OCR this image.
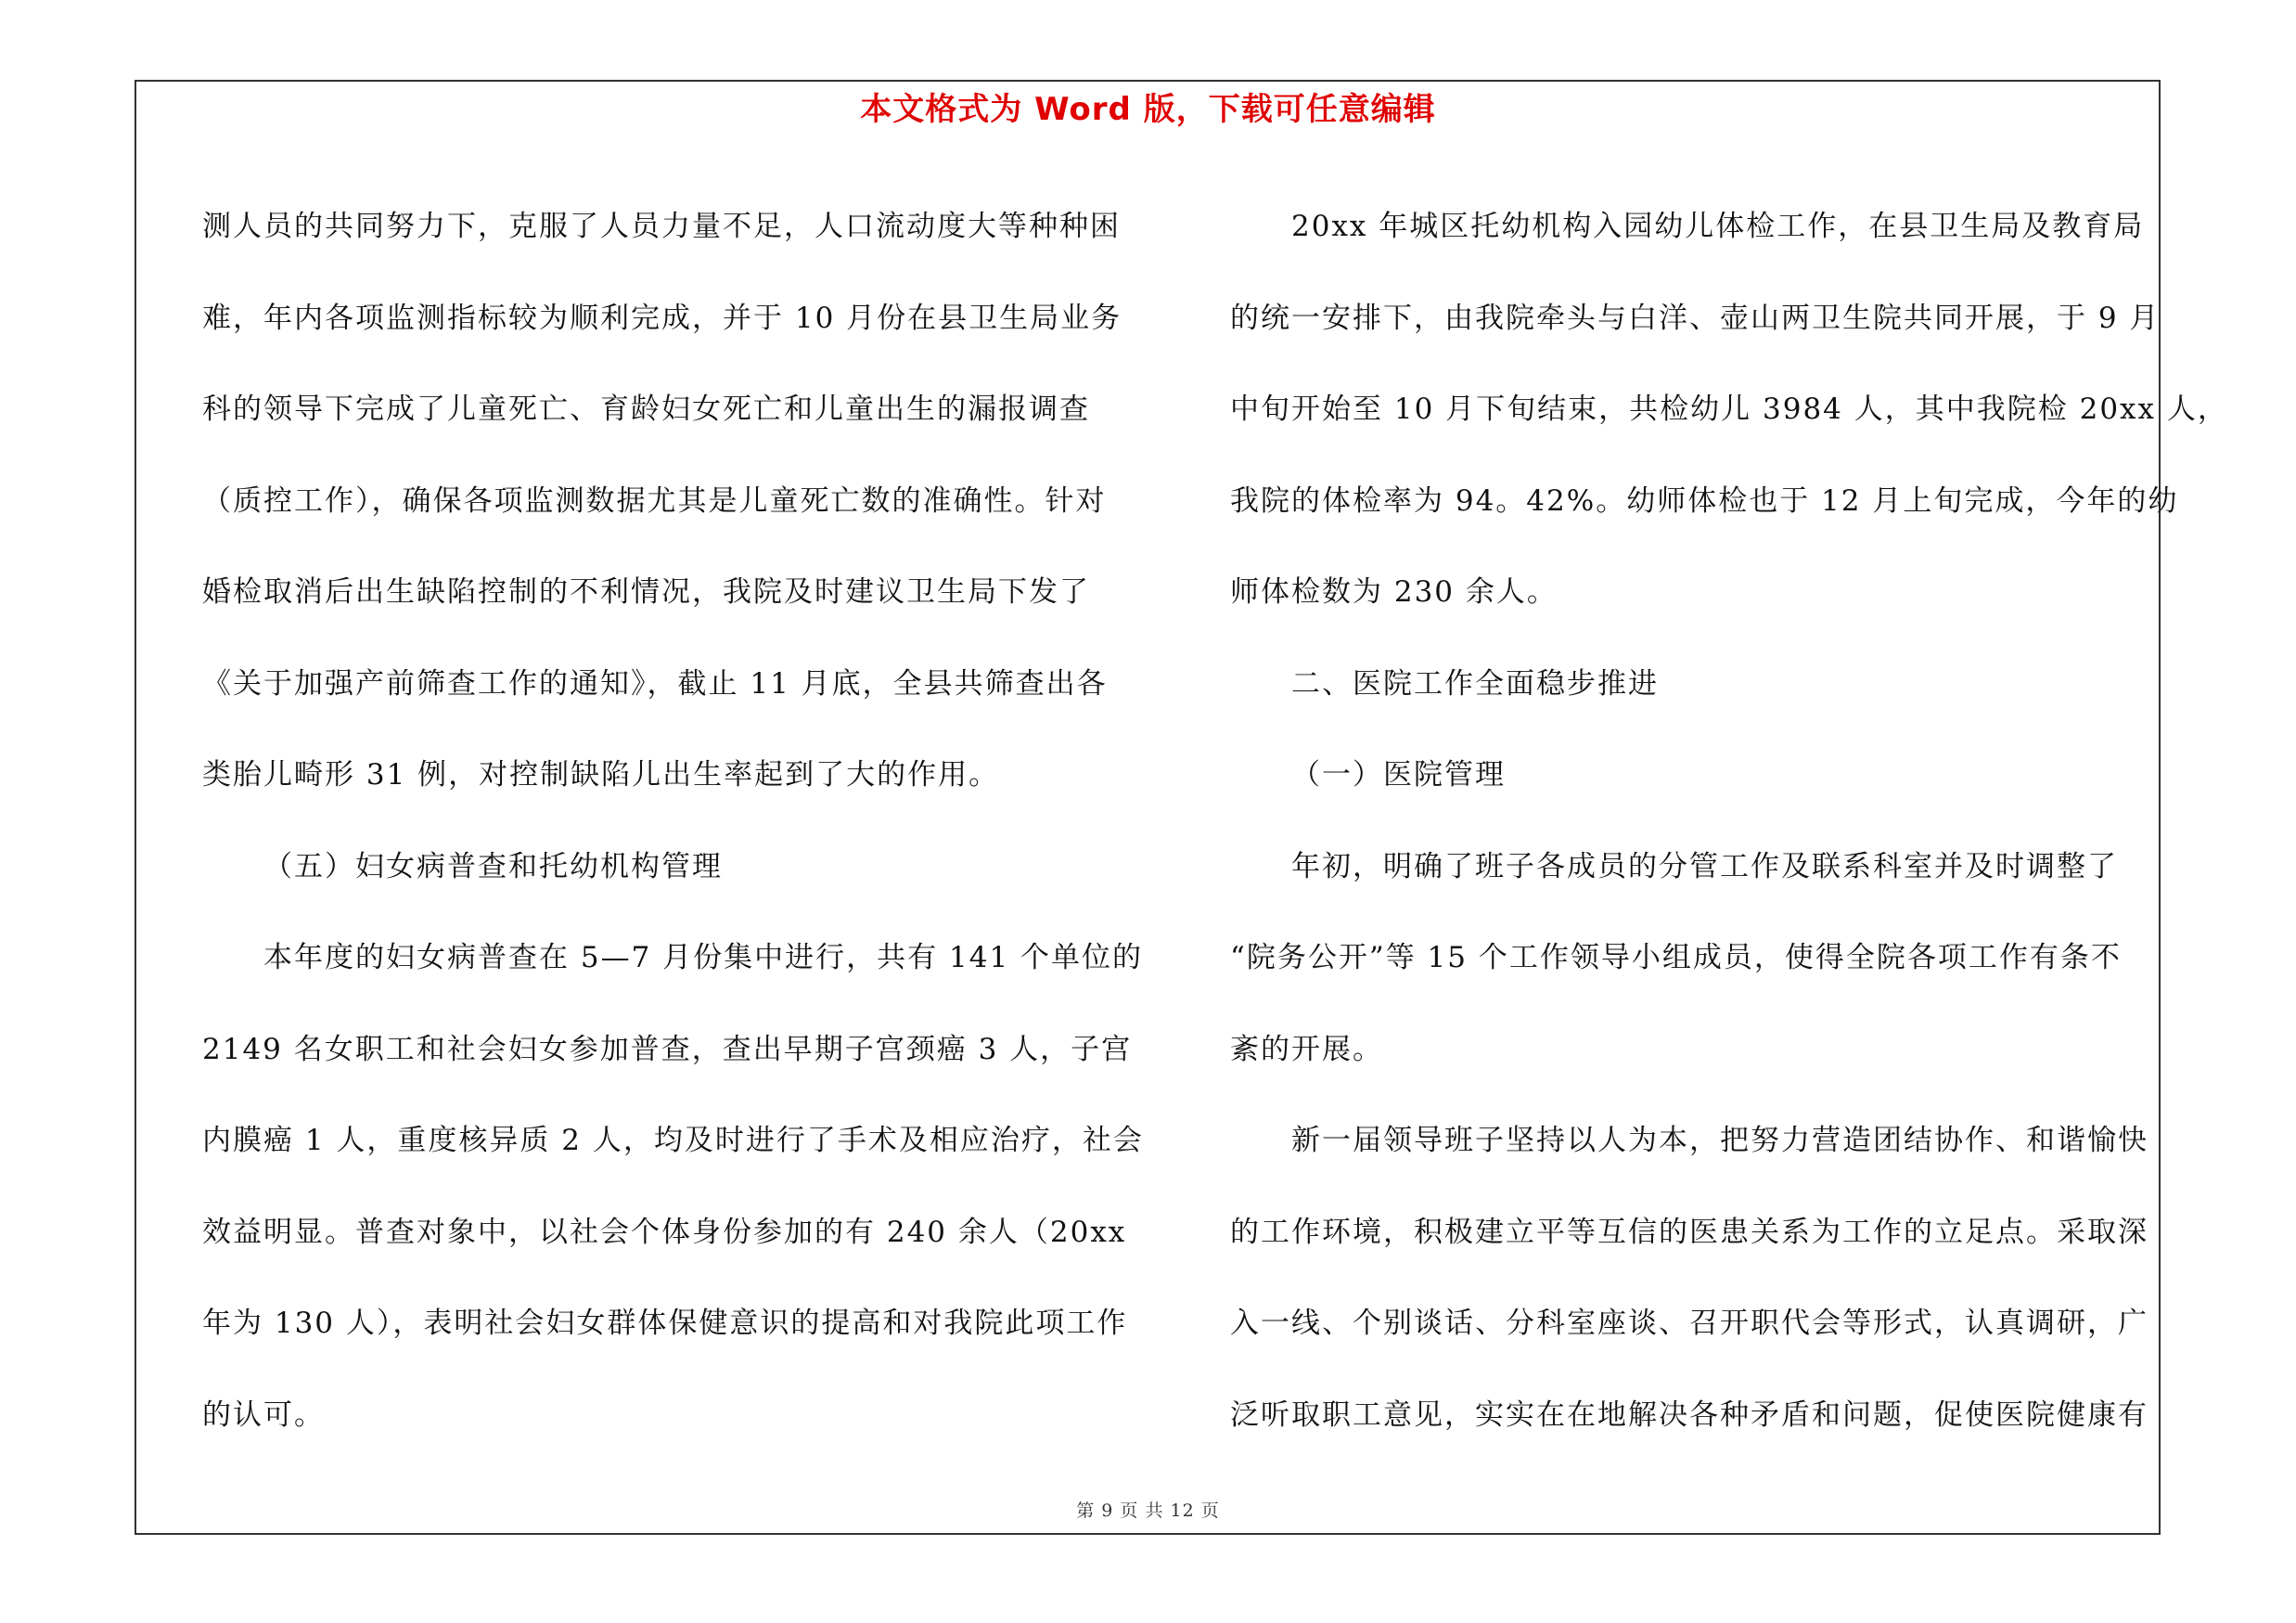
本文格式为 Word 版，下载可任意编辑
测人员的共同努力下，克服了人员力量不足，人口流动度大等种种困
难，年内各项监测指标较为顺利完成，并于 10 月份在县卫生局业务
科的领导下完成了儿童死亡、育龄妇女死亡和儿童出生的漏报调查
（质控工作），确保各项监测数据尤其是儿童死亡数的准确性。针对
婚检取消后出生缺陷控制的不利情况，我院及时建议卫生局下发了
《关于加强产前筛查工作的通知》，截止 11 月底，全县共筛查出各
类胎儿畸形 31 例，对控制缺陷儿出生率起到了大的作用。
（五）妇女病普查和托幼机构管理
本年度的妇女病普查在 5—7 月份集中进行，共有 141 个单位的
2149 名女职工和社会妇女参加普查，查出早期子宫颈癌 3 人，子宫
内膜癌 1 人，重度核异质 2 人，均及时进行了手术及相应治疗，社会
效益明显。普查对象中，以社会个体身份参加的有 240 余人（20xx
年为 130 人），表明社会妇女群体保健意识的提高和对我院此项工作
的认可。
20xx 年城区托幼机构入园幼儿体检工作，在县卫生局及教育局
的统一安排下，由我院牵头与白洋、壶山两卫生院共同开展，于 9 月
中旬开始至 10 月下旬结束，共检幼儿 3984 人，其中我院检 20xx 人，
我院的体检率为 94。42%。幼师体检也于 12 月上旬完成，今年的幼
师体检数为 230 余人。
二、医院工作全面稳步推进
（一）医院管理
年初，明确了班子各成员的分管工作及联系科室并及时调整了
“院务公开”等 15 个工作领导小组成员，使得全院各项工作有条不
紊的开展。
新一届领导班子坚持以人为本，把努力营造团结协作、和谐愉快
的工作环境，积极建立平等互信的医患关系为工作的立足点。采取深
入一线、个别谈话、分科室座谈、召开职代会等形式，认真调研，广
泛听取职工意见，实实在在地解决各种矛盾和问题，促使医院健康有
第 9 页 共 12 页
